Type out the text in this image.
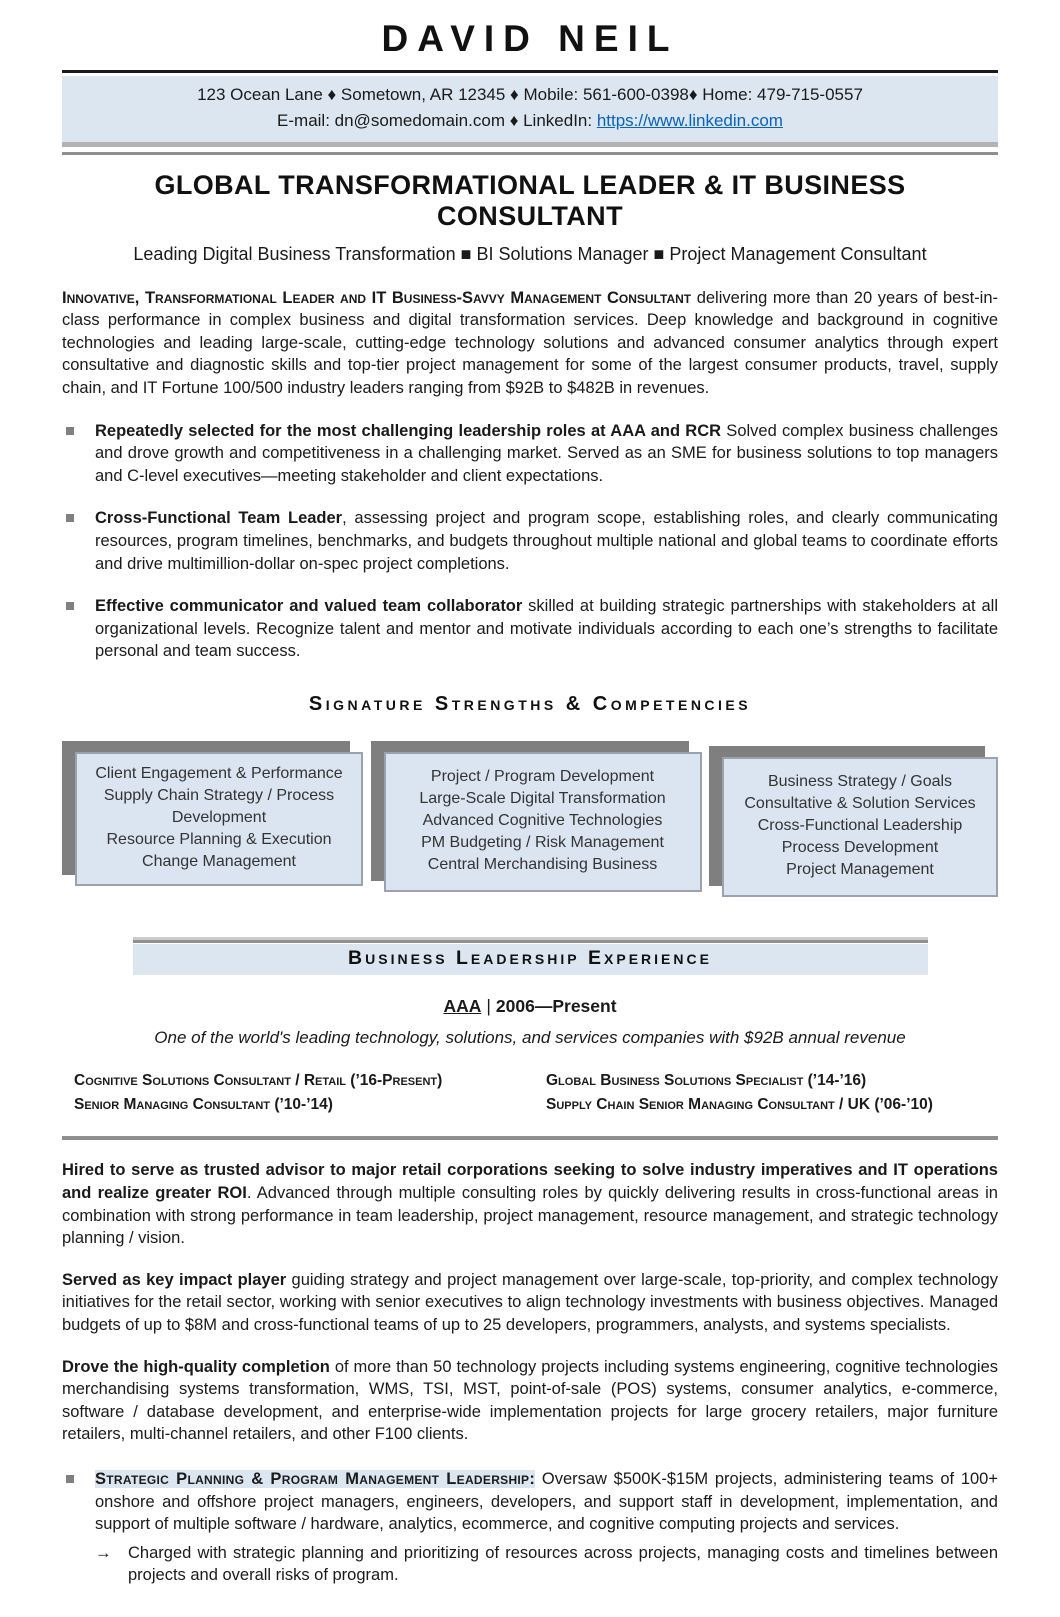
DAVID NEIL
123 Ocean Lane ♦ Sometown, AR 12345 ♦ Mobile: 561-600-0398♦ Home: 479-715-0557
E-mail: dn@somedomain.com ♦ LinkedIn: https://www.linkedin.com
GLOBAL TRANSFORMATIONAL LEADER & IT BUSINESS CONSULTANT
Leading Digital Business Transformation ■ BI Solutions Manager ■ Project Management Consultant

Innovative, Transformational Leader and IT Business-Savvy Management Consultant delivering more than 20 years of best-in-class performance in complex business and digital transformation services. Deep knowledge and background in cognitive technologies and leading large-scale, cutting-edge technology solutions and advanced consumer analytics through expert consultative and diagnostic skills and top-tier project management for some of the largest consumer products, travel, supply chain, and IT Fortune 100/500 industry leaders ranging from $92B to $482B in revenues.

Repeatedly selected for the most challenging leadership roles at AAA and RCR Solved complex business challenges and drove growth and competitiveness in a challenging market. Served as an SME for business solutions to top managers and C-level executives—meeting stakeholder and client expectations.
Cross-Functional Team Leader, assessing project and program scope, establishing roles, and clearly communicating resources, program timelines, benchmarks, and budgets throughout multiple national and global teams to coordinate efforts and drive multimillion-dollar on-spec project completions.
Effective communicator and valued team collaborator skilled at building strategic partnerships with stakeholders at all organizational levels. Recognize talent and mentor and motivate individuals according to each one’s strengths to facilitate personal and team success.
Signature Strengths & Competencies
Client Engagement & Performance
Supply Chain Strategy / Process Development
Resource Planning & Execution
Change Management
Project / Program Development
Large-Scale Digital Transformation
Advanced Cognitive Technologies
PM Budgeting / Risk Management
Central Merchandising Business
Business Strategy / Goals
Consultative & Solution Services
Cross-Functional Leadership
Process Development
Project Management
Business Leadership Experience
AAA | 2006—Present
One of the world's leading technology, solutions, and services companies with $92B annual revenue
Cognitive Solutions Consultant / Retail (’16-Present)
Senior Managing Consultant (’10-’14)
Global Business Solutions Specialist (’14-’16)
Supply Chain Senior Managing Consultant / UK (’06-’10)

Hired to serve as trusted advisor to major retail corporations seeking to solve industry imperatives and IT operations and realize greater ROI. Advanced through multiple consulting roles by quickly delivering results in cross-functional areas in combination with strong performance in team leadership, project management, resource management, and strategic technology planning / vision.

Served as key impact player guiding strategy and project management over large-scale, top-priority, and complex technology initiatives for the retail sector, working with senior executives to align technology investments with business objectives. Managed budgets of up to $8M and cross-functional teams of up to 25 developers, programmers, analysts, and systems specialists.

Drove the high-quality completion of more than 50 technology projects including systems engineering, cognitive technologies merchandising systems transformation, WMS, TSI, MST, point-of-sale (POS) systems, consumer analytics, e-commerce, software / database development, and enterprise-wide implementation projects for large grocery retailers, major furniture retailers, multi-channel retailers, and other F100 clients.

Strategic Planning & Program Management Leadership: Oversaw $500K-$15M projects, administering teams of 100+ onshore and offshore project managers, engineers, developers, and support staff in development, implementation, and support of multiple software / hardware, analytics, ecommerce, and cognitive computing projects and services.
→ Charged with strategic planning and prioritizing of resources across projects, managing costs and timelines between projects and overall risks of program.
